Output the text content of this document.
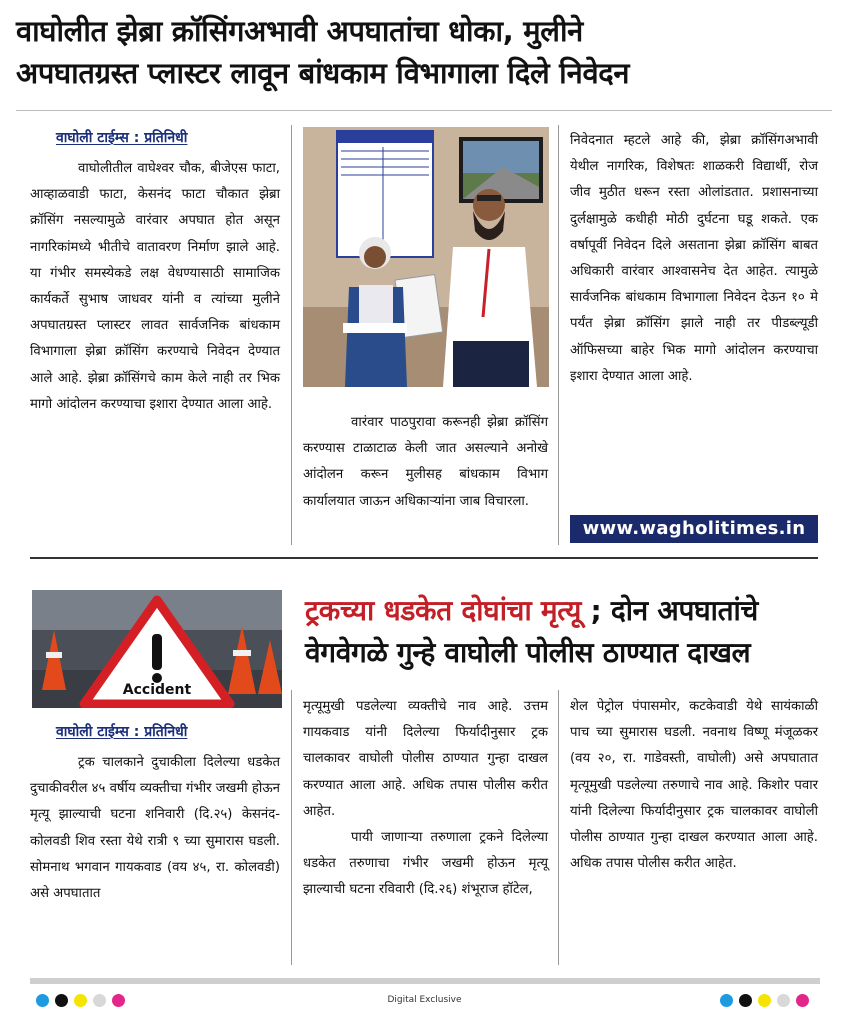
वाघोलीत झेब्रा क्रॉसिंगअभावी अपघातांचा धोका, मुलीने
अपघातग्रस्त प्लास्टर लावून बांधकाम विभागाला दिले निवेदन
वाघोली टाईम्स : प्रतिनिधी

वाघोलीतील वाघेश्वर चौक, बीजेएस फाटा, आव्हाळवाडी फाटा, केसनंद फाटा चौकात झेब्रा क्रॉसिंग नसल्यामुळे वारंवार अपघात होत असून नागरिकांमध्ये भीतीचे वातावरण निर्माण झाले आहे. या गंभीर समस्येकडे लक्ष वेधण्यासाठी सामाजिक कार्यकर्ते सुभाष जाधवर यांनी व त्यांच्या मुलीने अपघातग्रस्त प्लास्टर लावत सार्वजनिक बांधकाम विभागाला झेब्रा क्रॉसिंग करण्याचे निवेदन देण्यात आले आहे. झेब्रा क्रॉसिंगचे काम केले नाही तर भिक मागो आंदोलन करण्याचा इशारा देण्यात आला आहे.

वारंवार पाठपुरावा करूनही झेब्रा क्रॉसिंग करण्यास टाळाटाळ केली जात असल्याने अनोखे आंदोलन करून मुलीसह बांधकाम विभाग कार्यालयात जाऊन अधिकाऱ्यांना जाब विचारला.

निवेदनात म्हटले आहे की, झेब्रा क्रॉसिंगअभावी येथील नागरिक, विशेषतः शाळकरी विद्यार्थी, रोज जीव मुठीत धरून रस्ता ओलांडतात. प्रशासनाच्या दुर्लक्षामुळे कधीही मोठी दुर्घटना घडू शकते. एक वर्षापूर्वी निवेदन दिले असताना झेब्रा क्रॉसिंग बाबत अधिकारी वारंवार आश्वासनेच देत आहेत. त्यामुळे सार्वजनिक बांधकाम विभागाला निवेदन देऊन १० मे पर्यंत झेब्रा क्रॉसिंग झाले नाही तर पीडब्ल्यूडी ऑफिसच्या बाहेर भिक मागो आंदोलन करण्याचा इशारा देण्यात आला आहे.

www.wagholitimes.in
Accident
ट्रकच्या धडकेत दोघांचा मृत्यू ; दोन अपघातांचे
वेगवेगळे गुन्हे वाघोली पोलीस ठाण्यात दाखल
वाघोली टाईम्स : प्रतिनिधी

ट्रक चालकाने दुचाकीला दिलेल्या धडकेत दुचाकीवरील ४५ वर्षीय व्यक्तीचा गंभीर जखमी होऊन मृत्यू झाल्याची घटना शनिवारी (दि.२५) केसनंद-कोलवडी शिव रस्ता येथे रात्री ९ च्या सुमारास घडली. सोमनाथ भगवान गायकवाड (वय ४५, रा. कोलवडी) असे अपघातात

मृत्यूमुखी पडलेल्या व्यक्तीचे नाव आहे. उत्तम गायकवाड यांनी दिलेल्या फिर्यादीनुसार ट्रक चालकावर वाघोली पोलीस ठाण्यात गुन्हा दाखल करण्यात आला आहे. अधिक तपास पोलीस करीत आहेत.

पायी जाणाऱ्या तरुणाला ट्रकने दिलेल्या धडकेत तरुणाचा गंभीर जखमी होऊन मृत्यू झाल्याची घटना रविवारी (दि.२६) शंभूराज हॉटेल,

शेल पेट्रोल पंपासमोर, कटकेवाडी येथे सायंकाळी पाच च्या सुमारास घडली. नवनाथ विष्णू मंजूळकर (वय २०, रा. गाडेवस्ती, वाघोली) असे अपघातात मृत्यूमुखी पडलेल्या तरुणाचे नाव आहे. किशोर पवार यांनी दिलेल्या फिर्यादीनुसार ट्रक चालकावर वाघोली पोलीस ठाण्यात गुन्हा दाखल करण्यात आला आहे. अधिक तपास पोलीस करीत आहेत.

Digital Exclusive
